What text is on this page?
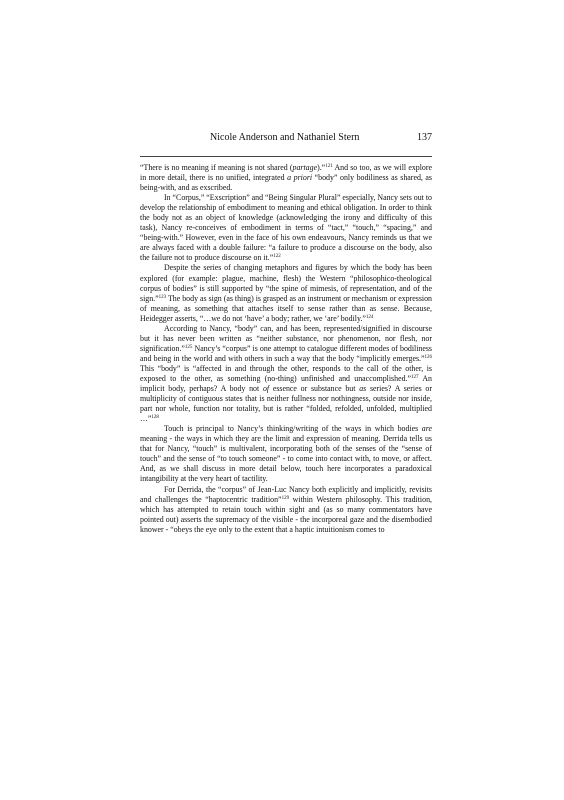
Nicole Anderson and Nathaniel Stern	137

“There is no meaning if meaning is not shared (partage).”$^{121}$ And so too, as we will explore in more detail, there is no unified, integrated a priori “body” only bodiliness as shared, as being-with, and as exscribed.

In “Corpus,” “Exscription” and “Being Singular Plural” especially, Nancy sets out to develop the relationship of embodiment to meaning and ethical obligation. In order to think the body not as an object of knowledge (acknowledging the irony and difficulty of this task), Nancy re-conceives of embodiment in terms of “tact,” “touch,” “spacing,” and “being-with.” However, even in the face of his own endeavours, Nancy reminds us that we are always faced with a double failure: “a failure to produce a discourse on the body, also the failure not to produce discourse on it.”$^{122}$

Despite the series of changing metaphors and figures by which the body has been explored (for example: plague, machine, flesh) the Western “philosophico-theological corpus of bodies” is still supported by “the spine of mimesis, of representation, and of the sign.”$^{123}$ The body as sign (as thing) is grasped as an instrument or mechanism or expression of meaning, as something that attaches itself to sense rather than as sense. Because, Heidegger asserts, “…we do not ‘have’ a body; rather, we ‘are’ bodily.”$^{124}$

According to Nancy, “body” can, and has been, represented/signified in discourse but it has never been written as “neither substance, nor phenomenon, nor flesh, nor signification.”$^{125}$ Nancy’s “corpus” is one attempt to catalogue different modes of bodiliness and being in the world and with others in such a way that the body “implicitly emerges.”$^{126}$ This “body” is “affected in and through the other, responds to the call of the other, is exposed to the other, as something (no-thing) unfinished and unaccomplished.”$^{127}$ An implicit body, perhaps? A body not of essence or substance but as series? A series or multiplicity of contiguous states that is neither fullness nor nothingness, outside nor inside, part nor whole, function nor totality, but is rather “folded, refolded, unfolded, multiplied …”$^{128}$

Touch is principal to Nancy’s thinking/writing of the ways in which bodies are meaning - the ways in which they are the limit and expression of meaning. Derrida tells us that for Nancy, “touch” is multivalent, incorporating both of the senses of the “sense of touch” and the sense of “to touch someone” - to come into contact with, to move, or affect. And, as we shall discuss in more detail below, touch here incorporates a paradoxical intangibility at the very heart of tactility.

For Derrida, the “corpus” of Jean-Luc Nancy both explicitly and implicitly, revisits and challenges the “haptocentric tradition”$^{129}$ within Western philosophy. This tradition, which has attempted to retain touch within sight and (as so many commentators have pointed out) asserts the supremacy of the visible - the incorporeal gaze and the disembodied knower - “obeys the eye only to the extent that a haptic intuitionism comes to
